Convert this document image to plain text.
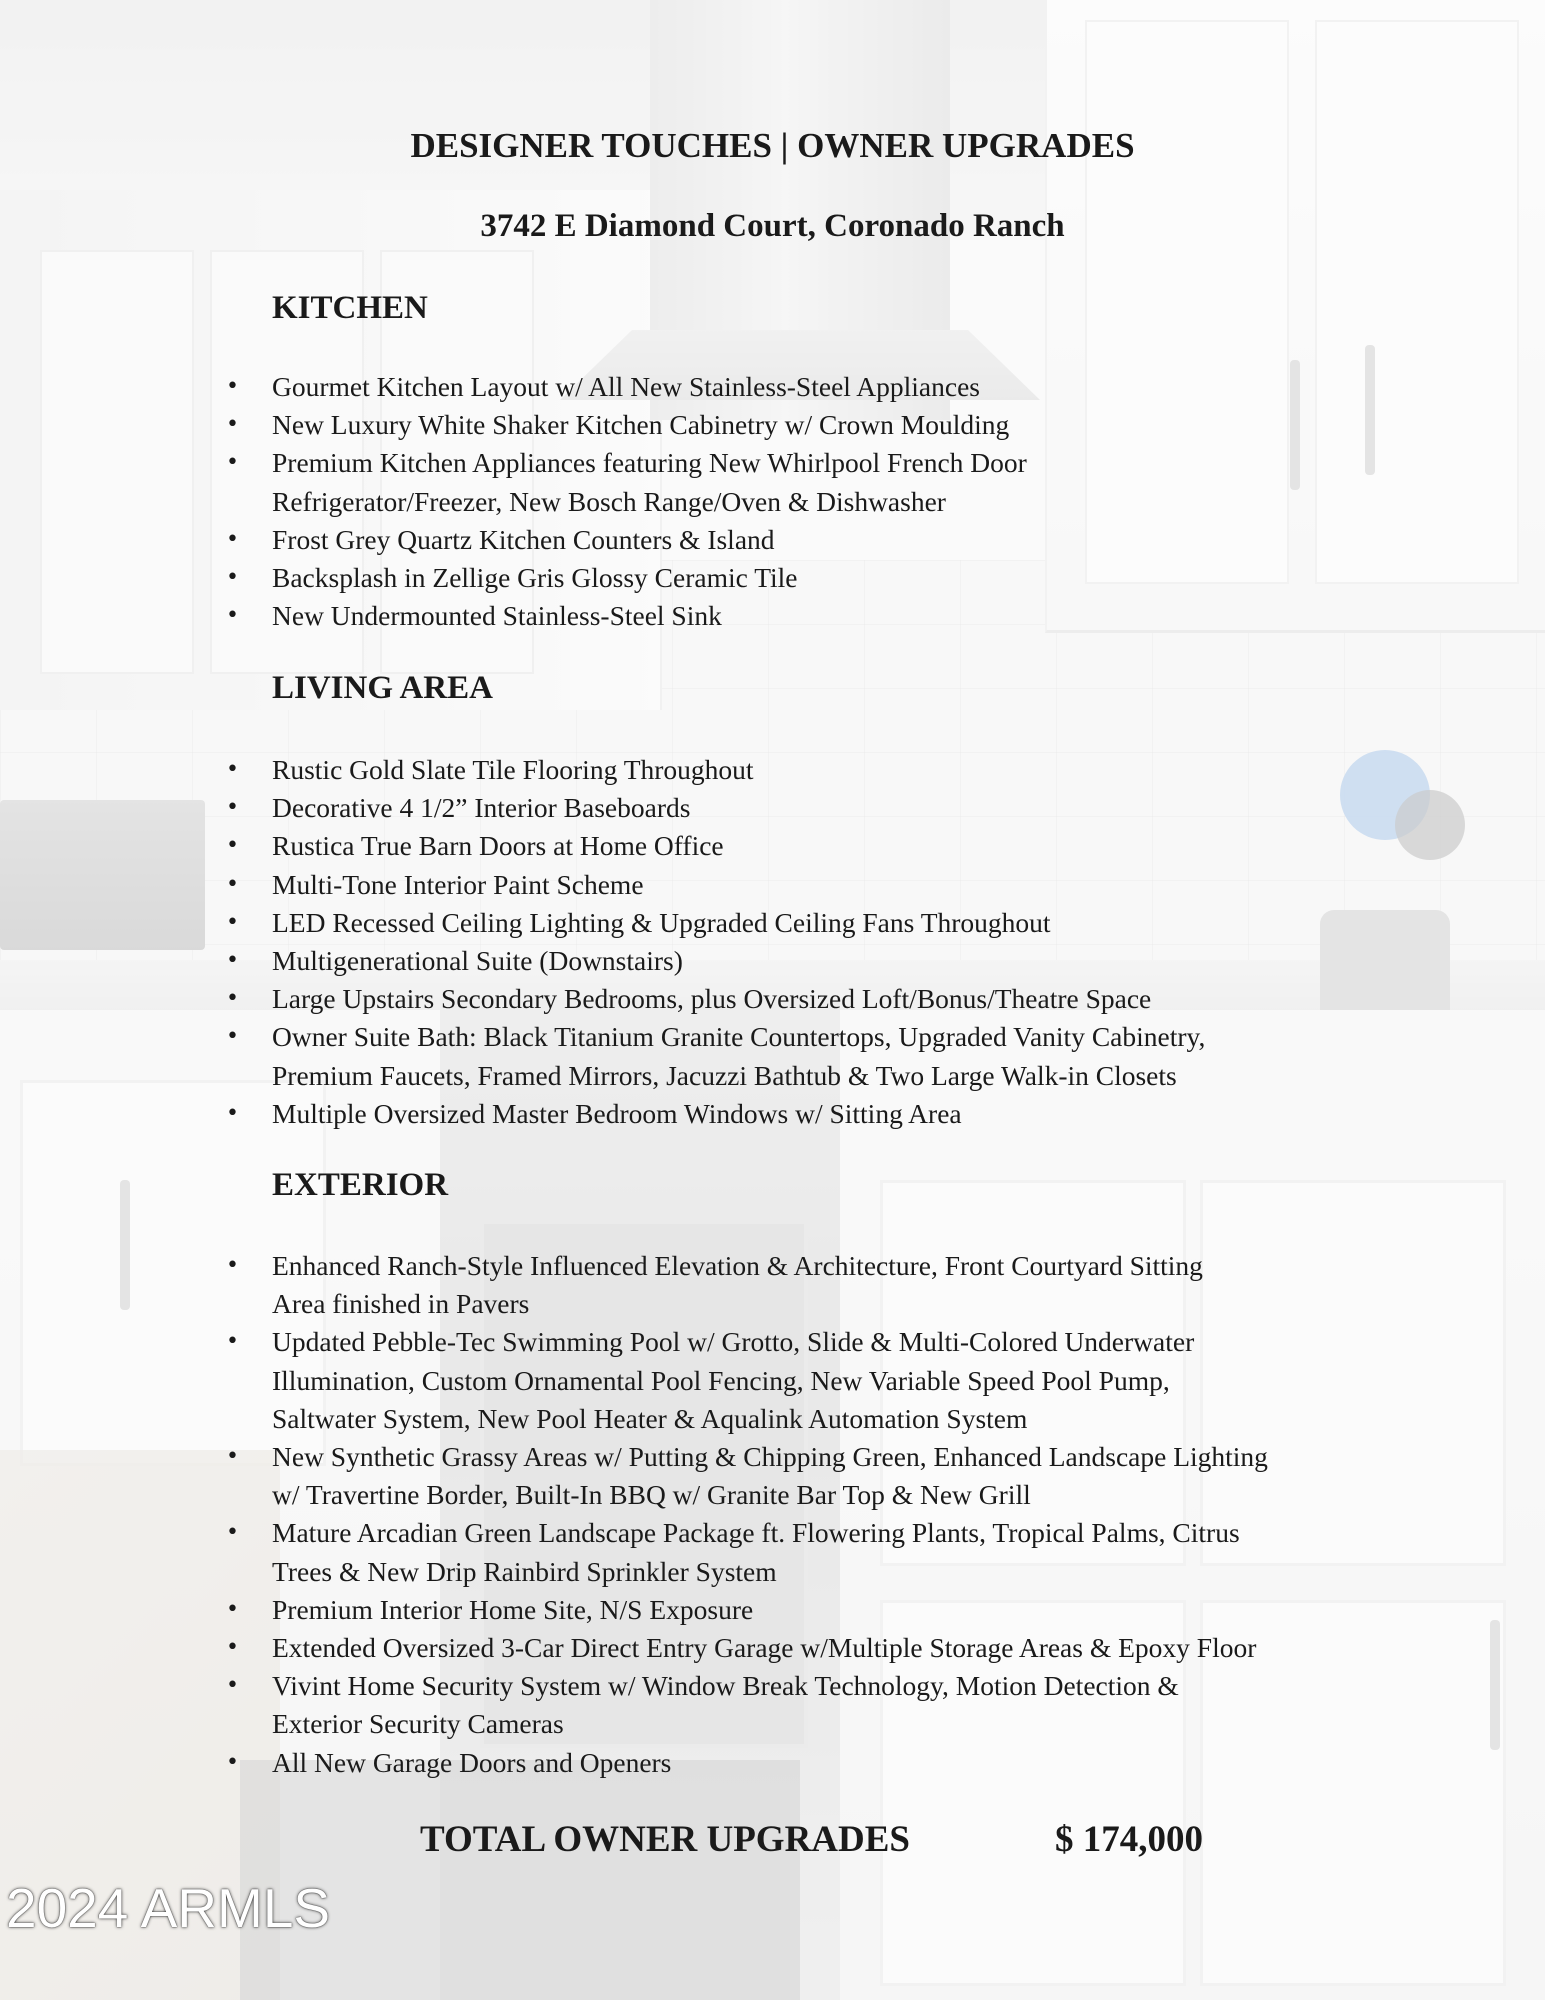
DESIGNER TOUCHES | OWNER UPGRADES
3742 E Diamond Court, Coronado Ranch
KITCHEN
• Gourmet Kitchen Layout w/ All New Stainless-Steel Appliances
• New Luxury White Shaker Kitchen Cabinetry w/ Crown Moulding
• Premium Kitchen Appliances featuring New Whirlpool French Door
Refrigerator/Freezer, New Bosch Range/Oven & Dishwasher
• Frost Grey Quartz Kitchen Counters & Island
• Backsplash in Zellige Gris Glossy Ceramic Tile
• New Undermounted Stainless-Steel Sink
LIVING AREA
• Rustic Gold Slate Tile Flooring Throughout
• Decorative 4 1/2” Interior Baseboards
• Rustica True Barn Doors at Home Office
• Multi-Tone Interior Paint Scheme
• LED Recessed Ceiling Lighting & Upgraded Ceiling Fans Throughout
• Multigenerational Suite (Downstairs)
• Large Upstairs Secondary Bedrooms, plus Oversized Loft/Bonus/Theatre Space
• Owner Suite Bath: Black Titanium Granite Countertops, Upgraded Vanity Cabinetry,
Premium Faucets, Framed Mirrors, Jacuzzi Bathtub & Two Large Walk-in Closets
• Multiple Oversized Master Bedroom Windows w/ Sitting Area
EXTERIOR
• Enhanced Ranch-Style Influenced Elevation & Architecture, Front Courtyard Sitting
Area finished in Pavers
• Updated Pebble-Tec Swimming Pool w/ Grotto, Slide & Multi-Colored Underwater
Illumination, Custom Ornamental Pool Fencing, New Variable Speed Pool Pump,
Saltwater System, New Pool Heater & Aqualink Automation System
• New Synthetic Grassy Areas w/ Putting & Chipping Green, Enhanced Landscape Lighting
w/ Travertine Border, Built-In BBQ w/ Granite Bar Top & New Grill
• Mature Arcadian Green Landscape Package ft. Flowering Plants, Tropical Palms, Citrus
Trees & New Drip Rainbird Sprinkler System
• Premium Interior Home Site, N/S Exposure
• Extended Oversized 3-Car Direct Entry Garage w/Multiple Storage Areas & Epoxy Floor
• Vivint Home Security System w/ Window Break Technology, Motion Detection &
Exterior Security Cameras
• All New Garage Doors and Openers

TOTAL OWNER UPGRADES	$ 174,000

2024 ARMLS
